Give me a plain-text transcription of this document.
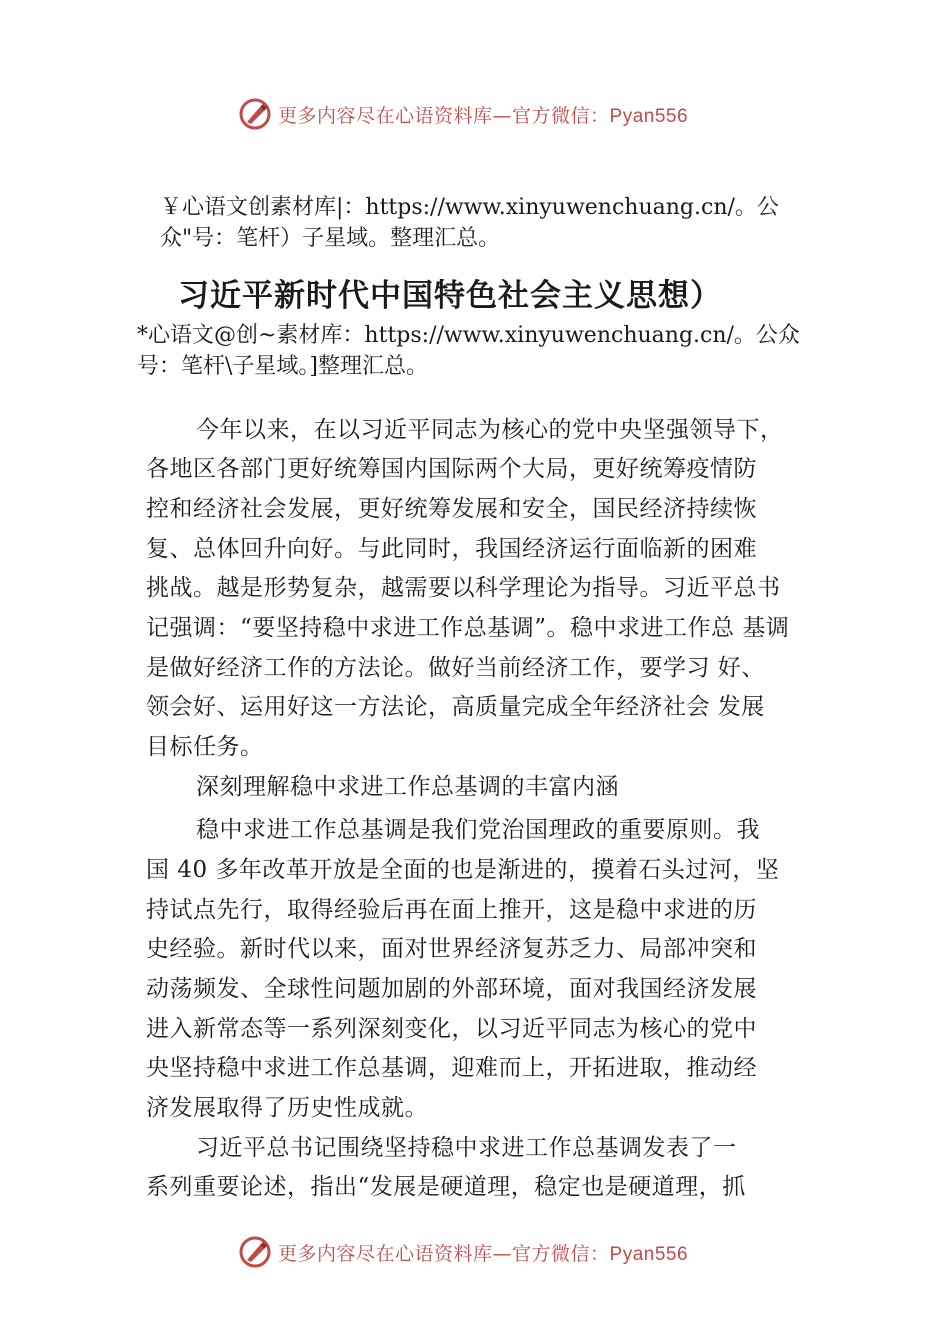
更多内容尽在心语资料库—官方微信：Pyan556
￥心语文创素材库|：https://www.xinyuwenchuang.cn/。公
众"号：笔杆）子星域。整理汇总。
习近平新时代中国特色社会主义思想）
*心语文@创~素材库：https://www.xinyuwenchuang.cn/。公众
号：笔杆\子星域。]整理汇总。
今年以来，在以习近平同志为核心的党中央坚强领导下，
各地区各部门更好统筹国内国际两个大局，更好统筹疫情防
控和经济社会发展，更好统筹发展和安全，国民经济持续恢
复、总体回升向好。与此同时，我国经济运行面临新的困难
挑战。越是形势复杂，越需要以科学理论为指导。习近平总书
记强调：“要坚持稳中求进工作总基调”。稳中求进工作总 基调
是做好经济工作的方法论。做好当前经济工作，要学习 好、
领会好、运用好这一方法论，高质量完成全年经济社会 发展
目标任务。
深刻理解稳中求进工作总基调的丰富内涵
稳中求进工作总基调是我们党治国理政的重要原则。我
国 40 多年改革开放是全面的也是渐进的，摸着石头过河，坚
持试点先行，取得经验后再在面上推开，这是稳中求进的历
史经验。新时代以来，面对世界经济复苏乏力、局部冲突和
动荡频发、全球性问题加剧的外部环境，面对我国经济发展
进入新常态等一系列深刻变化，以习近平同志为核心的党中
央坚持稳中求进工作总基调，迎难而上，开拓进取，推动经
济发展取得了历史性成就。
习近平总书记围绕坚持稳中求进工作总基调发表了一
系列重要论述，指出“发展是硬道理，稳定也是硬道理，抓
更多内容尽在心语资料库—官方微信：Pyan556
